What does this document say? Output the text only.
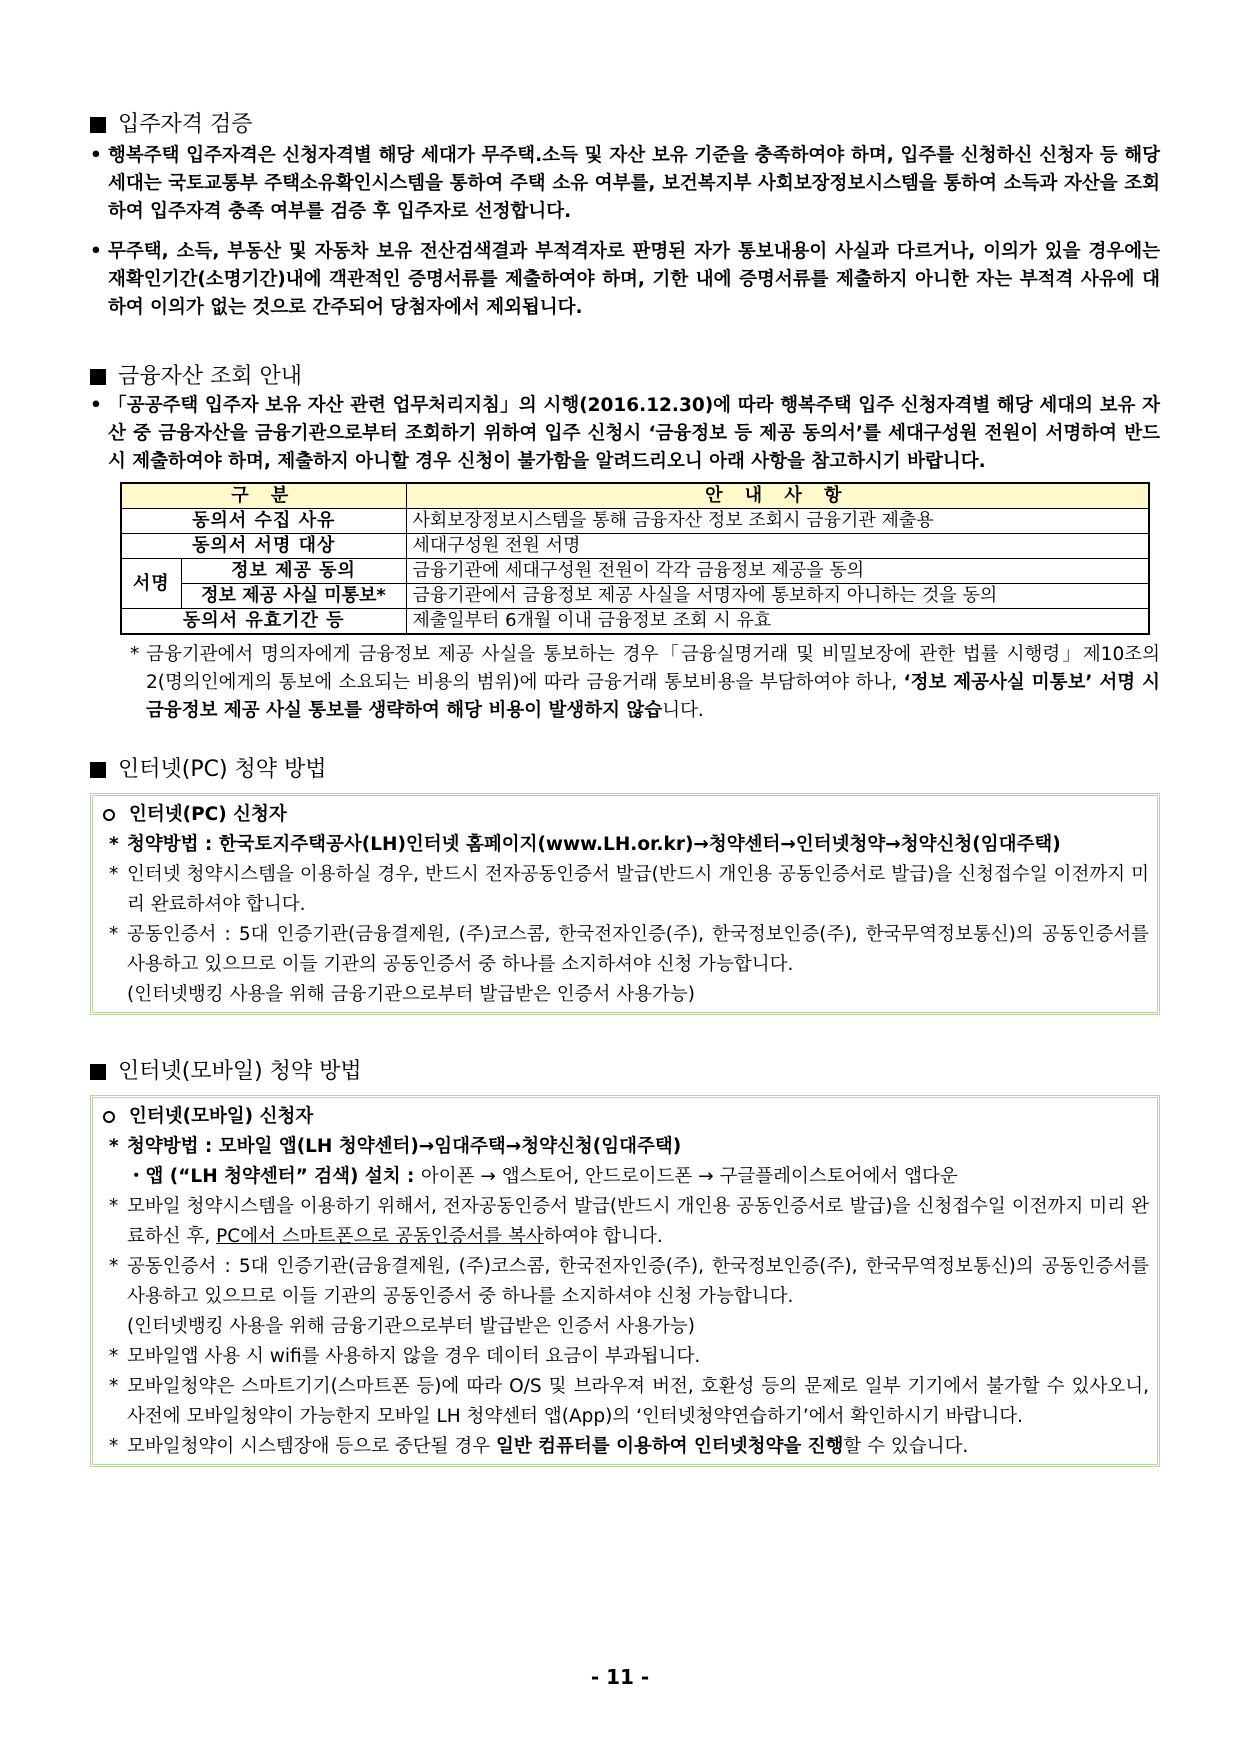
입주자격 검증
• 행복주택 입주자격은 신청자격별 해당 세대가 무주택.소득 및 자산 보유 기준을 충족하여야 하며, 입주를 신청하신 신청자 등 해당 세대는 국토교통부 주택소유확인시스템을 통하여 주택 소유 여부를, 보건복지부 사회보장정보시스템을 통하여 소득과 자산을 조회하여 입주자격 충족 여부를 검증 후 입주자로 선정합니다.
• 무주택, 소득, 부동산 및 자동차 보유 전산검색결과 부적격자로 판명된 자가 통보내용이 사실과 다르거나, 이의가 있을 경우에는 재확인기간(소명기간)내에 객관적인 증명서류를 제출하여야 하며, 기한 내에 증명서류를 제출하지 아니한 자는 부적격 사유에 대하여 이의가 없는 것으로 간주되어 당첨자에서 제외됩니다.
금융자산 조회 안내
• 「공공주택 입주자 보유 자산 관련 업무처리지침」의 시행(2016.12.30)에 따라 행복주택 입주 신청자격별 해당 세대의 보유 자산 중 금융자산을 금융기관으로부터 조회하기 위하여 입주 신청시 ‘금융정보 등 제공 동의서’를 세대구성원 전원이 서명하여 반드시 제출하여야 하며, 제출하지 아니할 경우 신청이 불가함을 알려드리오니 아래 사항을 참고하시기 바랍니다.
구 분		안 내 사 항
동의서 수집 사유		사회보장정보시스템을 통해 금융자산 정보 조회시 금융기관 제출용
동의서 서명 대상		세대구성원 전원 서명
서명	정보 제공 동의	금융기관에 세대구성원 전원이 각각 금융정보 제공을 동의
	정보 제공 사실 미통보*	금융기관에서 금융정보 제공 사실을 서명자에 통보하지 아니하는 것을 동의
동의서 유효기간 등		제출일부터 6개월 이내 금융정보 조회 시 유효
* 금융기관에서 명의자에게 금융정보 제공 사실을 통보하는 경우「금융실명거래 및 비밀보장에 관한 법률 시행령」제10조의2(명의인에게의 통보에 소요되는 비용의 범위)에 따라 금융거래 통보비용을 부담하여야 하나, ‘정보 제공사실 미통보’ 서명 시 금융정보 제공 사실 통보를 생략하여 해당 비용이 발생하지 않습니다.
인터넷(PC) 청약 방법
인터넷(PC) 신청자
* 청약방법 : 한국토지주택공사(LH)인터넷 홈페이지(www.LH.or.kr)→청약센터→인터넷청약→청약신청(임대주택)
* 인터넷 청약시스템을 이용하실 경우, 반드시 전자공동인증서 발급(반드시 개인용 공동인증서로 발급)을 신청접수일 이전까지 미리 완료하셔야 합니다.
* 공동인증서 : 5대 인증기관(금융결제원, (주)코스콤, 한국전자인증(주), 한국정보인증(주), 한국무역정보통신)의 공동인증서를 사용하고 있으므로 이들 기관의 공동인증서 중 하나를 소지하셔야 신청 가능합니다.
(인터넷뱅킹 사용을 위해 금융기관으로부터 발급받은 인증서 사용가능)
인터넷(모바일) 청약 방법
인터넷(모바일) 신청자
* 청약방법 : 모바일 앱(LH 청약센터)→임대주택→청약신청(임대주택)
・앱 (“LH 청약센터” 검색) 설치 : 아이폰 → 앱스토어, 안드로이드폰 → 구글플레이스토어에서 앱다운
* 모바일 청약시스템을 이용하기 위해서, 전자공동인증서 발급(반드시 개인용 공동인증서로 발급)을 신청접수일 이전까지 미리 완료하신 후, PC에서 스마트폰으로 공동인증서를 복사하여야 합니다.
* 공동인증서 : 5대 인증기관(금융결제원, (주)코스콤, 한국전자인증(주), 한국정보인증(주), 한국무역정보통신)의 공동인증서를 사용하고 있으므로 이들 기관의 공동인증서 중 하나를 소지하셔야 신청 가능합니다.
(인터넷뱅킹 사용을 위해 금융기관으로부터 발급받은 인증서 사용가능)
* 모바일앱 사용 시 wifi를 사용하지 않을 경우 데이터 요금이 부과됩니다.
* 모바일청약은 스마트기기(스마트폰 등)에 따라 O/S 및 브라우져 버전, 호환성 등의 문제로 일부 기기에서 불가할 수 있사오니, 사전에 모바일청약이 가능한지 모바일 LH 청약센터 앱(App)의 ‘인터넷청약연습하기’에서 확인하시기 바랍니다.
* 모바일청약이 시스템장애 등으로 중단될 경우 일반 컴퓨터를 이용하여 인터넷청약을 진행할 수 있습니다.
- 11 -
